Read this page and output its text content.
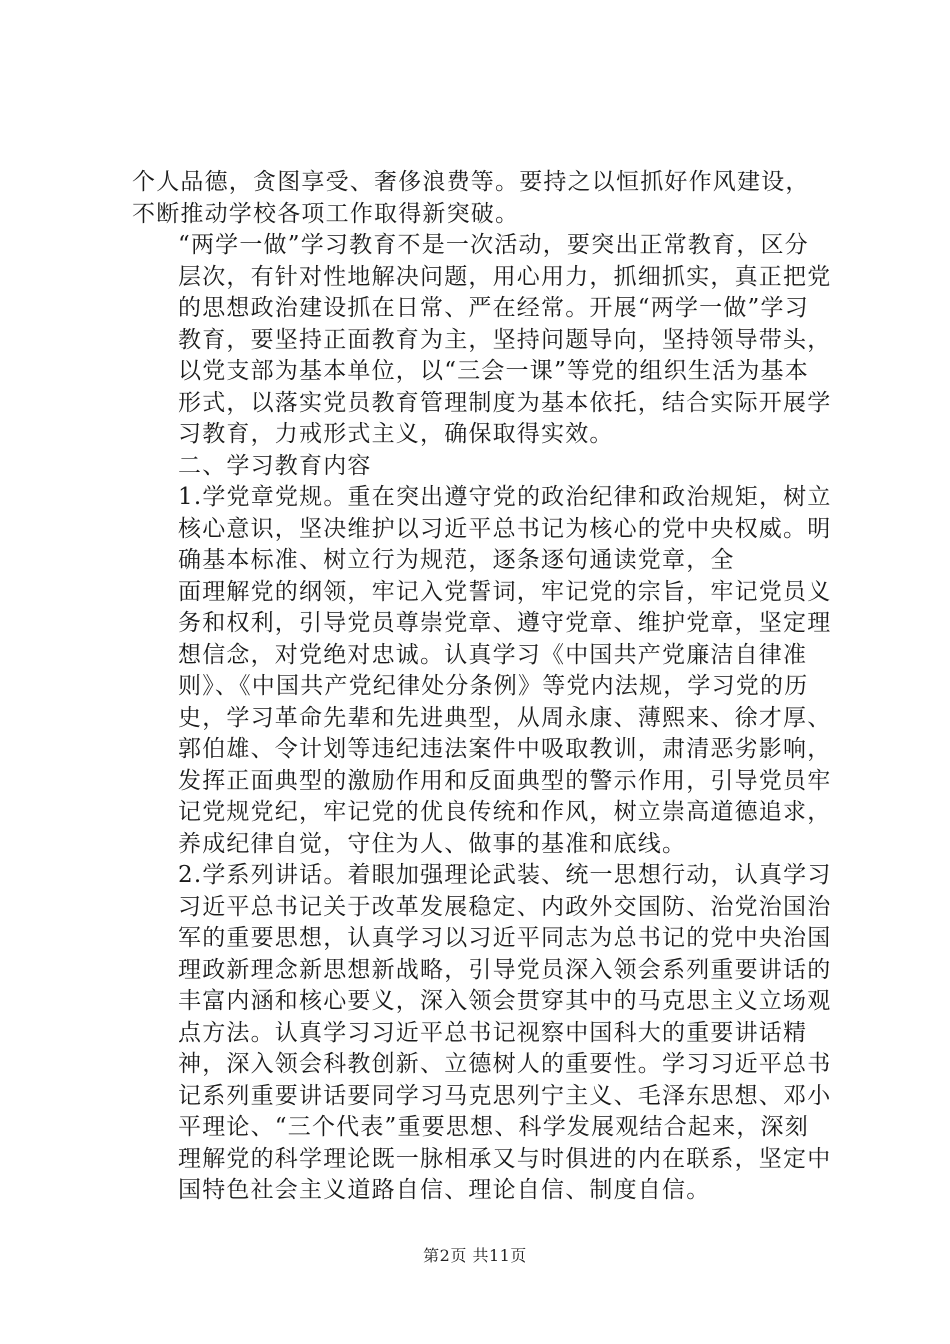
个人品德，贪图享受、奢侈浪费等。要持之以恒抓好作风建设，不断推动学校各项工作取得新突破。

“两学一做”学习教育不是一次活动，要突出正常教育，区分层次，有针对性地解决问题，用心用力，抓细抓实，真正把党的思想政治建设抓在日常、严在经常。开展“两学一做”学习教育，要坚持正面教育为主，坚持问题导向，坚持领导带头，以党支部为基本单位，以“三会一课”等党的组织生活为基本形式，以落实党员教育管理制度为基本依托，结合实际开展学习教育，力戒形式主义，确保取得实效。

二、学习教育内容

1.学党章党规。重在突出遵守党的政治纪律和政治规矩，树立核心意识，坚决维护以习近平总书记为核心的党中央权威。明确基本标准、树立行为规范，逐条逐句通读党章，全

面理解党的纲领，牢记入党誓词，牢记党的宗旨，牢记党员义务和权利，引导党员尊崇党章、遵守党章、维护党章，坚定理想信念，对党绝对忠诚。认真学习《中国共产党廉洁自律准则》、《中国共产党纪律处分条例》等党内法规，学习党的历史，学习革命先辈和先进典型，从周永康、薄熙来、徐才厚、郭伯雄、令计划等违纪违法案件中吸取教训，肃清恶劣影响，发挥正面典型的激励作用和反面典型的警示作用，引导党员牢记党规党纪，牢记党的优良传统和作风，树立崇高道德追求，养成纪律自觉，守住为人、做事的基准和底线。

2.学系列讲话。着眼加强理论武装、统一思想行动，认真学习习近平总书记关于改革发展稳定、内政外交国防、治党治国治军的重要思想，认真学习以习近平同志为总书记的党中央治国理政新理念新思想新战略，引导党员深入领会系列重要讲话的丰富内涵和核心要义，深入领会贯穿其中的马克思主义立场观点方法。认真学习习近平总书记视察中国科大的重要讲话精神，深入领会科教创新、立德树人的重要性。学习习近平总书记系列重要讲话要同学习马克思列宁主义、毛泽东思想、邓小平理论、“三个代表”重要思想、科学发展观结合起来，深刻理解党的科学理论既一脉相承又与时俱进的内在联系，坚定中国特色社会主义道路自信、理论自信、制度自信。

第2页 共11页
